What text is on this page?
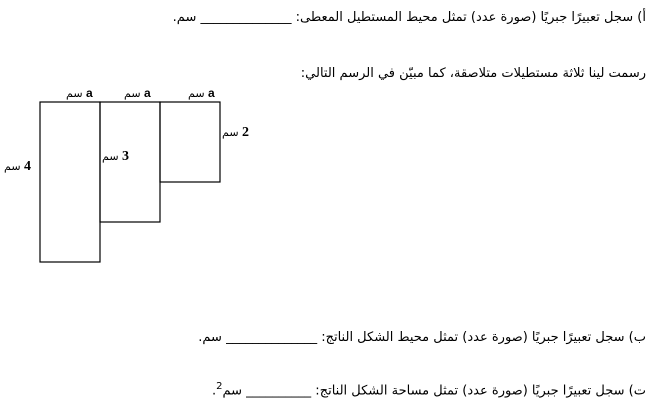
أ) سجل تعبيرًا جبريًا (صورة عدد) تمثل محيط المستطيل المعطى: ______________ سم.
رسمت لينا ثلاثة مستطيلات متلاصقة، كما مبيّن في الرسم التالي:
a سم	a سم	a سم
4 سم
3 سم
2 سم
ب) سجل تعبيرًا جبريًا (صورة عدد) تمثل محيط الشكل الناتج: ______________ سم.
ت) سجل تعبيرًا جبريًا (صورة عدد) تمثل مساحة الشكل الناتج: __________ سم$^2$.
